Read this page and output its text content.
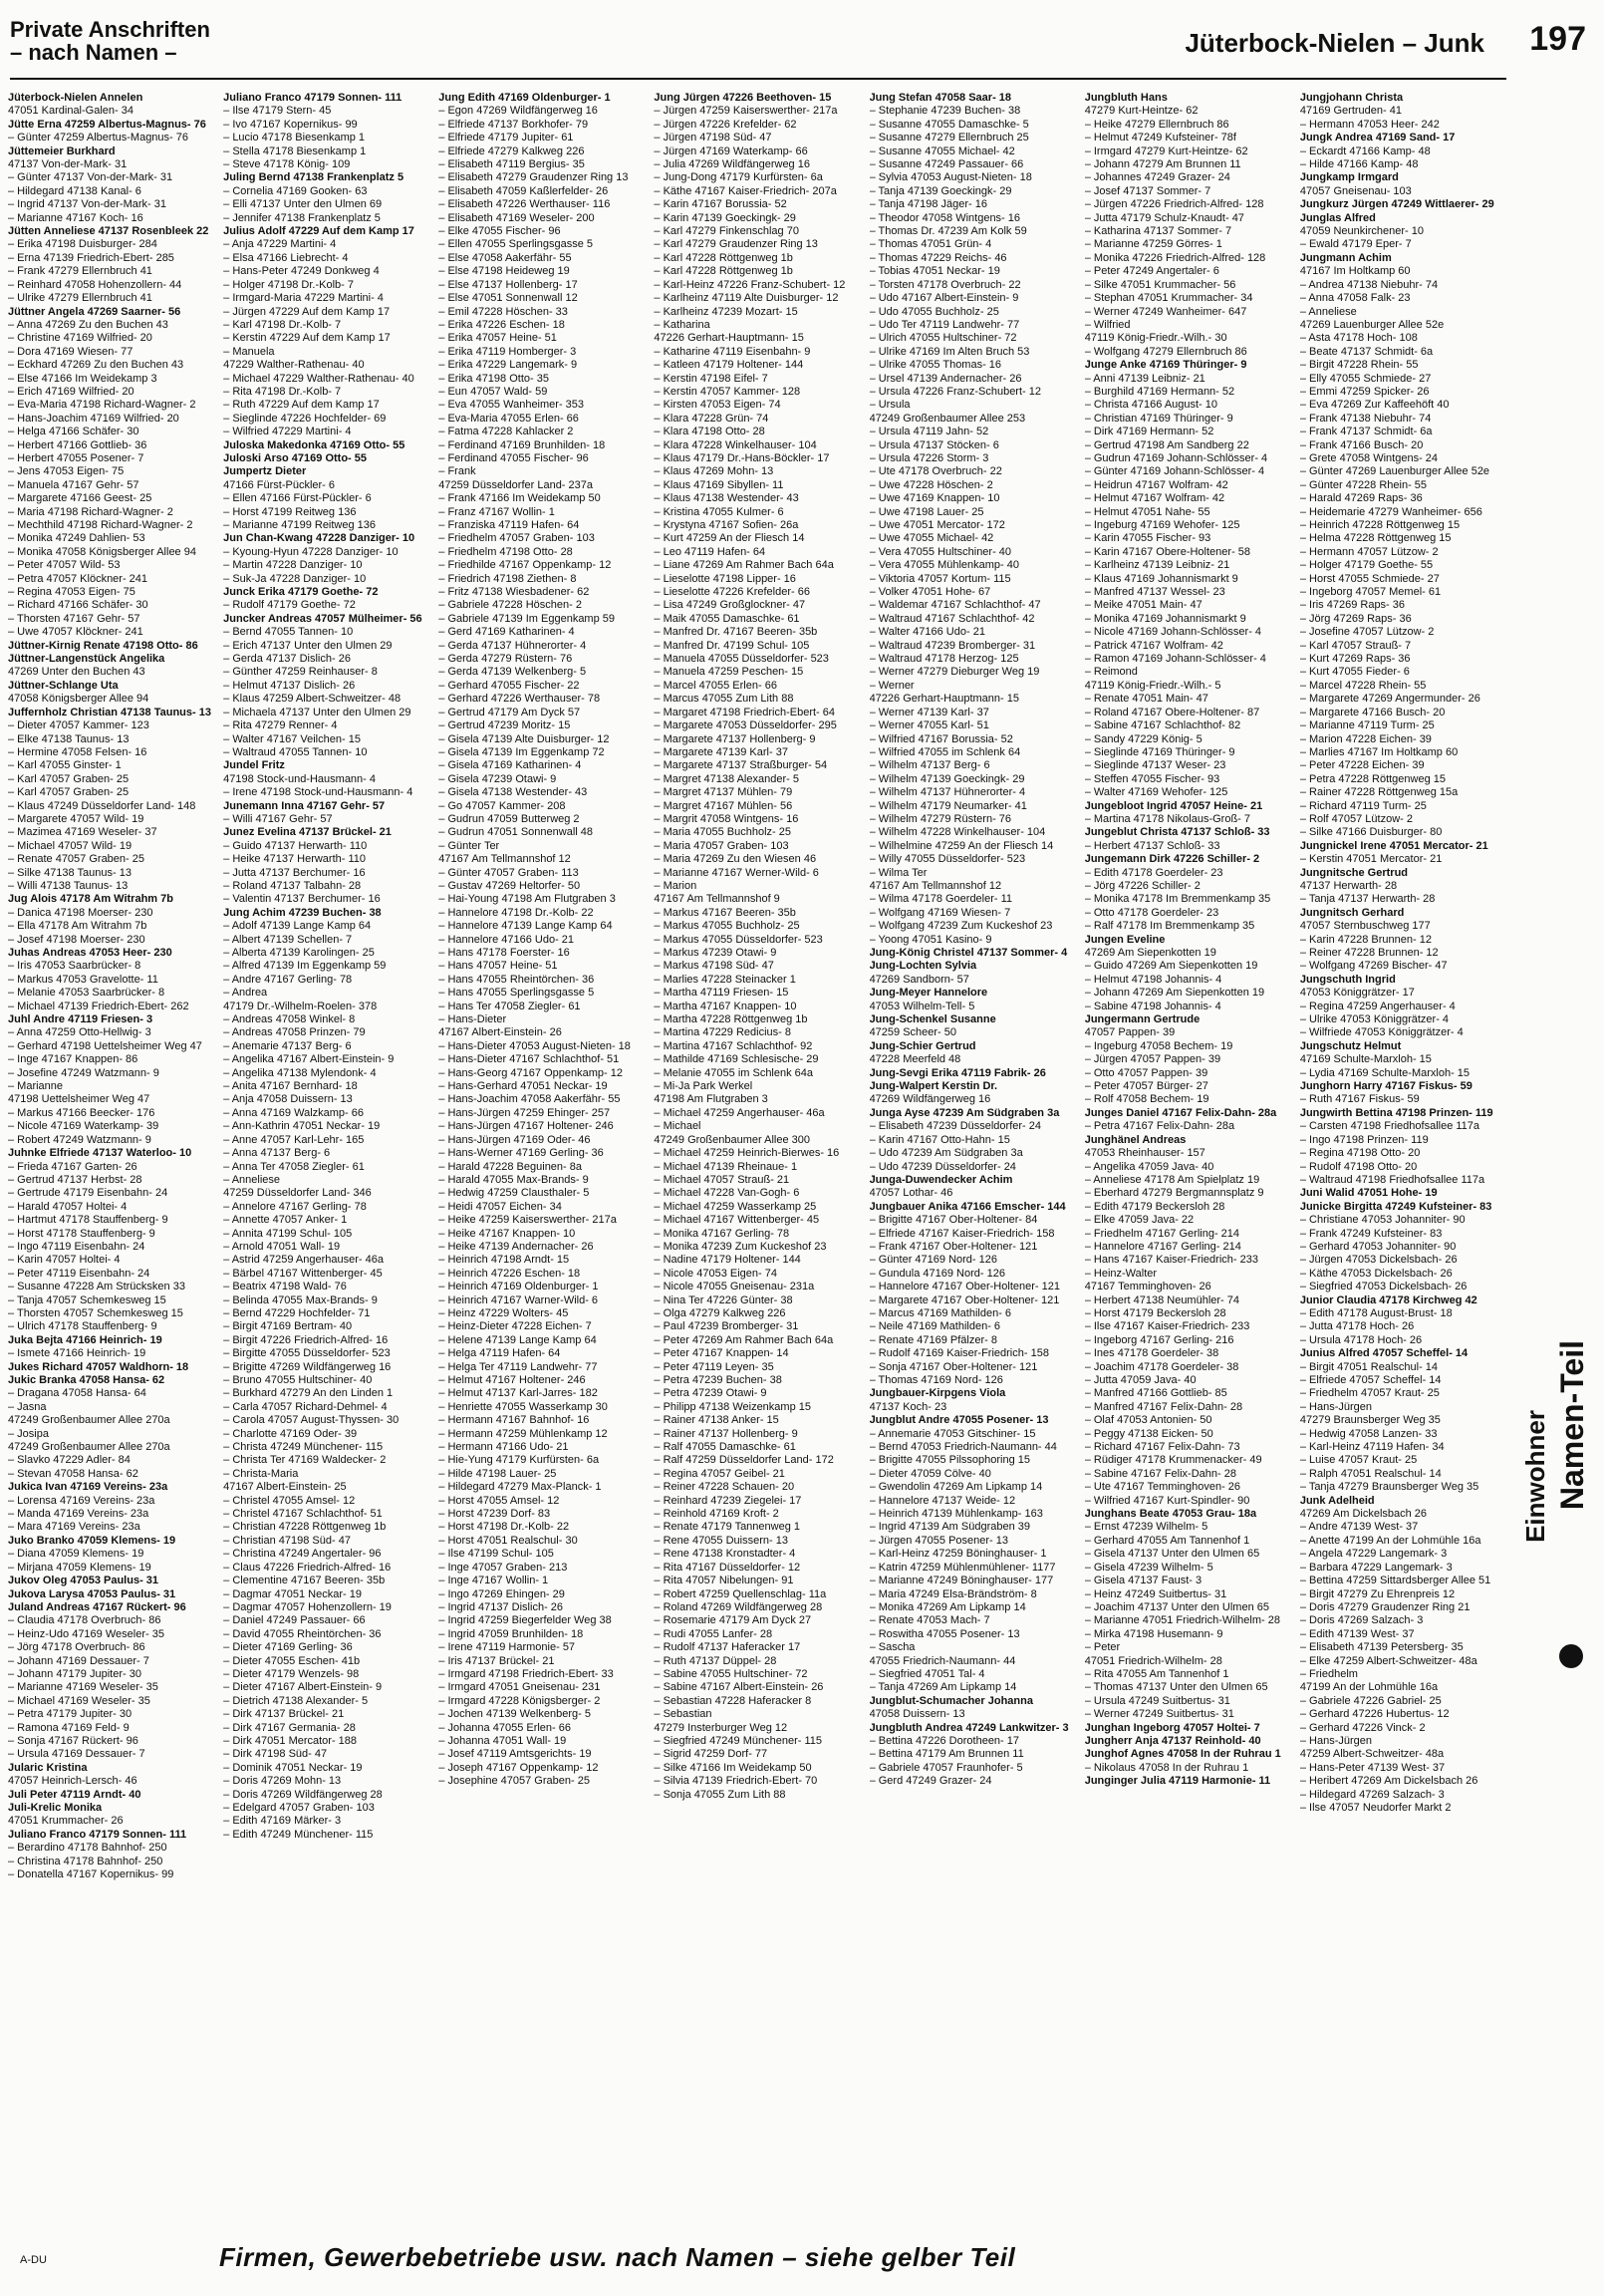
Private Anschriften
– nach Namen –	Jüterbock-Nielen – Junk 197
Jüterbock-Nielen Annelen
47051 Kardinal-Galen- 34
Jütte Erna 47259 Albertus-Magnus- 76
– Günter 47259 Albertus-Magnus- 76
Jüttemeier Burkhard
47137 Von-der-Mark- 31
– Günter 47137 Von-der-Mark- 31
– Hildegard 47138 Kanal- 6
– Ingrid 47137 Von-der-Mark- 31
– Marianne 47167 Koch- 16
Jütten Anneliese 47137 Rosenbleek 22
– Erika 47198 Duisburger- 284
– Erna 47139 Friedrich-Ebert- 285
– Frank 47279 Ellernbruch 41
– Reinhard 47058 Hohenzollern- 44
– Ulrike 47279 Ellernbruch 41
Jüttner Angela 47269 Saarner- 56
– Anna 47269 Zu den Buchen 43
– Christine 47169 Wilfried- 20
– Dora 47169 Wiesen- 77
– Eckhard 47269 Zu den Buchen 43
– Else 47166 Im Weidekamp 3
– Erich 47169 Wilfried- 20
– Eva-Maria 47198 Richard-Wagner- 2
– Hans-Joachim 47169 Wilfried- 20
– Helga 47166 Schäfer- 30
– Herbert 47166 Gottlieb- 36
– Herbert 47055 Posener- 7
– Jens 47053 Eigen- 75
– Manuela 47167 Gehr- 57
– Margarete 47166 Geest- 25
– Maria 47198 Richard-Wagner- 2
– Mechthild 47198 Richard-Wagner- 2
– Monika 47249 Dahlien- 53
– Monika 47058 Königsberger Allee 94
– Peter 47057 Wild- 53
– Petra 47057 Klöckner- 241
– Regina 47053 Eigen- 75
– Richard 47166 Schäfer- 30
– Thorsten 47167 Gehr- 57
– Uwe 47057 Klöckner- 241
Jüttner-Kirnig Renate 47198 Otto- 86
Jüttner-Langenstück Angelika
47269 Unter den Buchen 43
Jüttner-Schlange Uta
47058 Königsberger Allee 94
Juffernholz Christian 47138 Taunus- 13
– Dieter 47057 Kammer- 123
– Elke 47138 Taunus- 13
– Hermine 47058 Felsen- 16
– Karl 47055 Ginster- 1
– Karl 47057 Graben- 25
– Karl 47057 Graben- 25
– Klaus 47249 Düsseldorfer Land- 148
– Margarete 47057 Wild- 19
– Mazimea 47169 Weseler- 37
– Michael 47057 Wild- 19
– Renate 47057 Graben- 25
– Silke 47138 Taunus- 13
– Willi 47138 Taunus- 13
Jug Alois 47178 Am Witrahm 7b
– Danica 47198 Moerser- 230
– Ella 47178 Am Witrahm 7b
– Josef 47198 Moerser- 230
Juhas Andreas 47053 Heer- 230
– Iris 47053 Saarbrücker- 8
– Markus 47053 Gravelotte- 11
– Melanie 47053 Saarbrücker- 8
– Michael 47139 Friedrich-Ebert- 262
Juhl Andre 47119 Friesen- 3
– Anna 47259 Otto-Hellwig- 3
– Gerhard 47198 Uettelsheimer Weg 47
– Inge 47167 Knappen- 86
– Josefine 47249 Watzmann- 9
– Marianne
47198 Uettelsheimer Weg 47
– Markus 47166 Beecker- 176
– Nicole 47169 Waterkamp- 39
– Robert 47249 Watzmann- 9
Juhnke Elfriede 47137 Waterloo- 10
– Frieda 47167 Garten- 26
– Gertrud 47137 Herbst- 28
– Gertrude 47179 Eisenbahn- 24
– Harald 47057 Holtei- 4
– Hartmut 47178 Stauffenberg- 9
– Horst 47178 Stauffenberg- 9
– Ingo 47119 Eisenbahn- 24
– Karin 47057 Holtei- 4
– Peter 47119 Eisenbahn- 24
– Susanne 47228 Am Strücksken 33
– Tanja 47057 Schemkesweg 15
– Thorsten 47057 Schemkesweg 15
– Ulrich 47178 Stauffenberg- 9
Juka Bejta 47166 Heinrich- 19
– Ismete 47166 Heinrich- 19
Jukes Richard 47057 Waldhorn- 18
Jukic Branka 47058 Hansa- 62
– Dragana 47058 Hansa- 64
– Jasna
47249 Großenbaumer Allee 270a
– Josipa
47249 Großenbaumer Allee 270a
– Slavko 47229 Adler- 84
– Stevan 47058 Hansa- 62
Jukica Ivan 47169 Vereins- 23a
– Lorensa 47169 Vereins- 23a
– Manda 47169 Vereins- 23a
– Mara 47169 Vereins- 23a
Juko Branko 47059 Klemens- 19
– Diana 47059 Klemens- 19
– Mirjana 47059 Klemens- 19
Jukov Oleg 47053 Paulus- 31
Jukova Larysa 47053 Paulus- 31
Juland Andreas 47167 Rückert- 96
– Claudia 47178 Overbruch- 86
– Heinz-Udo 47169 Weseler- 35
– Jörg 47178 Overbruch- 86
– Johann 47169 Dessauer- 7
– Johann 47179 Jupiter- 30
– Marianne 47169 Weseler- 35
– Michael 47169 Weseler- 35
– Petra 47179 Jupiter- 30
– Ramona 47169 Feld- 9
– Sonja 47167 Rückert- 96
– Ursula 47169 Dessauer- 7
Jularic Kristina
47057 Heinrich-Lersch- 46
Juli Peter 47119 Arndt- 40
Juli-Krelic Monika
47051 Krummacher- 26
Juliano Franco 47179 Sonnen- 111
– Berardino 47178 Bahnhof- 250
– Christina 47178 Bahnhof- 250
– Donatella 47167 Kopernikus- 99
Juliano Franco 47179 Sonnen- 111
– Ilse 47179 Stern- 45
– Ivo 47167 Kopernikus- 99
– Lucio 47178 Biesenkamp 1
– Stella 47178 Biesenkamp 1
– Steve 47178 König- 109
Juling Bernd 47138 Frankenplatz 5
– Cornelia 47169 Gooken- 63
– Elli 47137 Unter den Ulmen 69
– Jennifer 47138 Frankenplatz 5
Julius Adolf 47229 Auf dem Kamp 17
– Anja 47229 Martini- 4
– Elsa 47166 Liebrecht- 4
– Hans-Peter 47249 Donkweg 4
– Holger 47198 Dr.-Kolb- 7
– Irmgard-Maria 47229 Martini- 4
– Jürgen 47229 Auf dem Kamp 17
– Karl 47198 Dr.-Kolb- 7
– Kerstin 47229 Auf dem Kamp 17
– Manuela
47229 Walther-Rathenau- 40
– Michael 47229 Walther-Rathenau- 40
– Rita 47198 Dr.-Kolb- 7
– Ruth 47229 Auf dem Kamp 17
– Sieglinde 47226 Hochfelder- 69
– Wilfried 47229 Martini- 4
Juloska Makedonka 47169 Otto- 55
Juloski Arso 47169 Otto- 55
Jumpertz Dieter
47166 Fürst-Pückler- 6
– Ellen 47166 Fürst-Pückler- 6
– Horst 47199 Reitweg 136
– Marianne 47199 Reitweg 136
Jun Chan-Kwang 47228 Danziger- 10
– Kyoung-Hyun 47228 Danziger- 10
– Martin 47228 Danziger- 10
– Suk-Ja 47228 Danziger- 10
Junck Erika 47179 Goethe- 72
– Rudolf 47179 Goethe- 72
Juncker Andreas 47057 Mülheimer- 56
– Bernd 47055 Tannen- 10
– Erich 47137 Unter den Ulmen 29
– Gerda 47137 Dislich- 26
– Günther 47259 Reinhauser- 8
– Helmut 47137 Dislich- 26
– Klaus 47259 Albert-Schweitzer- 48
– Michaela 47137 Unter den Ulmen 29
– Rita 47279 Renner- 4
– Walter 47167 Veilchen- 15
– Waltraud 47055 Tannen- 10
Jundel Fritz
47198 Stock-und-Hausmann- 4
– Irene 47198 Stock-und-Hausmann- 4
Junemann Inna 47167 Gehr- 57
– Willi 47167 Gehr- 57
Junez Evelina 47137 Brückel- 21
– Guido 47137 Herwarth- 110
– Heike 47137 Herwarth- 110
– Jutta 47137 Berchumer- 16
– Roland 47137 Talbahn- 28
– Valentin 47137 Berchumer- 16
Jung Achim 47239 Buchen- 38
– Adolf 47139 Lange Kamp 64
– Albert 47139 Schellen- 7
– Alberta 47139 Karolingen- 25
– Alfred 47139 Im Eggenkamp 59
– Andre 47167 Gerling- 78
– Andrea
47179 Dr.-Wilhelm-Roelen- 378
– Andreas 47058 Winkel- 8
– Andreas 47058 Prinzen- 79
– Anemarie 47137 Berg- 6
– Angelika 47167 Albert-Einstein- 9
– Angelika 47138 Mylendonk- 4
– Anita 47167 Bernhard- 18
– Anja 47058 Duissern- 13
– Anna 47169 Walzkamp- 66
– Ann-Kathrin 47051 Neckar- 19
– Anne 47057 Karl-Lehr- 165
– Anna 47137 Berg- 6
– Anna Ter 47058 Ziegler- 61
– Anneliese
47259 Düsseldorfer Land- 346
– Annelore 47167 Gerling- 78
– Annette 47057 Anker- 1
– Annita 47199 Schul- 105
– Arnold 47051 Wall- 19
– Astrid 47259 Angerhauser- 46a
– Bärbel 47167 Wittenberger- 45
– Beatrix 47198 Wald- 76
– Belinda 47055 Max-Brands- 9
– Bernd 47229 Hochfelder- 71
– Birgit 47169 Bertram- 40
– Birgit 47226 Friedrich-Alfred- 16
– Birgitte 47055 Düsseldorfer- 523
– Brigitte 47269 Wildfängerweg 16
– Bruno 47055 Hultschiner- 40
– Burkhard 47279 An den Linden 1
– Carla 47057 Richard-Dehmel- 4
– Carola 47057 August-Thyssen- 30
– Charlotte 47169 Oder- 39
– Christa 47249 Münchener- 115
– Christa Ter 47169 Waldecker- 2
– Christa-Maria
47167 Albert-Einstein- 25
– Christel 47055 Amsel- 12
– Christel 47167 Schlachthof- 51
– Christian 47228 Röttgenweg 1b
– Christian 47198 Süd- 47
– Christina 47249 Angertaler- 96
– Claus 47226 Friedrich-Alfred- 16
– Clementine 47167 Beeren- 35b
– Dagmar 47051 Neckar- 19
– Dagmar 47057 Hohenzollern- 19
– Daniel 47249 Passauer- 66
– David 47055 Rheintörchen- 36
– Dieter 47169 Gerling- 36
– Dieter 47055 Eschen- 41b
– Dieter 47179 Wenzels- 98
– Dieter 47167 Albert-Einstein- 9
– Dietrich 47138 Alexander- 5
– Dirk 47137 Brückel- 21
– Dirk 47167 Germania- 28
– Dirk 47051 Mercator- 188
– Dirk 47198 Süd- 47
– Dominik 47051 Neckar- 19
– Doris 47269 Mohn- 13
– Doris 47269 Wildfängerweg 28
– Edelgard 47057 Graben- 103
– Edith 47169 Märker- 3
– Edith 47249 Münchener- 115
Jung Edith 47169 Oldenburger- 1
– Egon 47269 Wildfängerweg 16
– Elfriede 47137 Borkhofer- 79
– Elfriede 47179 Jupiter- 61
– Elfriede 47279 Kalkweg 226
– Elisabeth 47119 Bergius- 35
– Elisabeth 47279 Graudenzer Ring 13
– Elisabeth 47059 Kaßlerfelder- 26
– Elisabeth 47226 Werthauser- 116
– Elisabeth 47169 Weseler- 200
– Elke 47055 Fischer- 96
– Ellen 47055 Sperlingsgasse 5
– Else 47058 Aakerfähr- 55
– Else 47198 Heideweg 19
– Else 47137 Hollenberg- 17
– Else 47051 Sonnenwall 12
– Emil 47228 Höschen- 33
– Erika 47226 Eschen- 18
– Erika 47057 Heine- 51
– Erika 47119 Homberger- 3
– Erika 47229 Langemark- 9
– Erika 47198 Otto- 35
– Eun 47057 Wald- 59
– Eva 47055 Wanheimer- 353
– Eva-Maria 47055 Erlen- 66
– Fatma 47228 Kahlacker 2
– Ferdinand 47169 Brunhilden- 18
– Ferdinand 47055 Fischer- 96
– Frank
47259 Düsseldorfer Land- 237a
– Frank 47166 Im Weidekamp 50
– Franz 47167 Wollin- 1
– Franziska 47119 Hafen- 64
– Friedhelm 47057 Graben- 103
– Friedhelm 47198 Otto- 28
– Friedhilde 47167 Oppenkamp- 12
– Friedrich 47198 Ziethen- 8
– Fritz 47138 Wiesbadener- 62
– Gabriele 47228 Höschen- 2
– Gabriele 47139 Im Eggenkamp 59
– Gerd 47169 Katharinen- 4
– Gerda 47137 Hühnerorter- 4
– Gerda 47279 Rüstern- 76
– Gerda 47139 Welkenberg- 5
– Gerhard 47055 Fischer- 22
– Gerhard 47226 Werthauser- 78
– Gertrud 47179 Am Dyck 57
– Gertrud 47239 Moritz- 15
– Gisela 47139 Alte Duisburger- 12
– Gisela 47139 Im Eggenkamp 72
– Gisela 47169 Katharinen- 4
– Gisela 47239 Otawi- 9
– Gisela 47138 Westender- 43
– Go 47057 Kammer- 208
– Gudrun 47059 Butterweg 2
– Gudrun 47051 Sonnenwall 48
– Günter Ter
47167 Am Tellmannshof 12
– Günter 47057 Graben- 113
– Gustav 47269 Heltorfer- 50
– Hai-Young 47198 Am Flutgraben 3
– Hannelore 47198 Dr.-Kolb- 22
– Hannelore 47139 Lange Kamp 64
– Hannelore 47166 Udo- 21
– Hans 47178 Foerster- 16
– Hans 47057 Heine- 51
– Hans 47055 Rheintörchen- 36
– Hans 47055 Sperlingsgasse 5
– Hans Ter 47058 Ziegler- 61
– Hans-Dieter
47167 Albert-Einstein- 26
– Hans-Dieter 47053 August-Nieten- 18
– Hans-Dieter 47167 Schlachthof- 51
– Hans-Georg 47167 Oppenkamp- 12
– Hans-Gerhard 47051 Neckar- 19
– Hans-Joachim 47058 Aakerfähr- 55
– Hans-Jürgen 47259 Ehinger- 257
– Hans-Jürgen 47167 Holtener- 246
– Hans-Jürgen 47169 Oder- 46
– Hans-Werner 47169 Gerling- 36
– Harald 47228 Beguinen- 8a
– Harald 47055 Max-Brands- 9
– Hedwig 47259 Clausthaler- 5
– Heidi 47057 Eichen- 34
– Heike 47259 Kaiserswerther- 217a
– Heike 47167 Knappen- 10
– Heike 47139 Andernacher- 26
– Heinrich 47198 Arndt- 15
– Heinrich 47226 Eschen- 18
– Heinrich 47169 Oldenburger- 1
– Heinrich 47167 Warner-Wild- 6
– Heinz 47229 Wolters- 45
– Heinz-Dieter 47228 Eichen- 7
– Helene 47139 Lange Kamp 64
– Helga 47119 Hafen- 64
– Helga Ter 47119 Landwehr- 77
– Helmut 47167 Holtener- 246
– Helmut 47137 Karl-Jarres- 182
– Henriette 47055 Wasserkamp 30
– Hermann 47167 Bahnhof- 16
– Hermann 47259 Mühlenkamp 12
– Hermann 47166 Udo- 21
– Hie-Yung 47179 Kurfürsten- 6a
– Hilde 47198 Lauer- 25
– Hildegard 47279 Max-Planck- 1
– Horst 47055 Amsel- 12
– Horst 47239 Dorf- 83
– Horst 47198 Dr.-Kolb- 22
– Horst 47051 Realschul- 30
– Ilse 47199 Schul- 105
– Inge 47057 Graben- 213
– Inge 47167 Wollin- 1
– Ingo 47269 Ehingen- 29
– Ingrid 47137 Dislich- 26
– Ingrid 47259 Biegerfelder Weg 38
– Ingrid 47059 Brunhilden- 18
– Irene 47119 Harmonie- 57
– Iris 47137 Brückel- 21
– Irmgard 47198 Friedrich-Ebert- 33
– Irmgard 47051 Gneisenau- 231
– Irmgard 47228 Königsberger- 2
– Jochen 47139 Welkenberg- 5
– Johanna 47055 Erlen- 66
– Johanna 47051 Wall- 19
– Josef 47119 Amtsgerichts- 19
– Joseph 47167 Oppenkamp- 12
– Josephine 47057 Graben- 25
Jung Jürgen 47226 Beethoven- 15
– Jürgen 47259 Kaiserswerther- 217a
– Jürgen 47226 Krefelder- 62
– Jürgen 47198 Süd- 47
– Jürgen 47169 Waterkamp- 66
– Julia 47269 Wildfängerweg 16
– Jung-Dong 47179 Kurfürsten- 6a
– Käthe 47167 Kaiser-Friedrich- 207a
– Karin 47167 Borussia- 52
– Karin 47139 Goeckingk- 29
– Karl 47279 Finkenschlag 70
– Karl 47279 Graudenzer Ring 13
– Karl 47228 Röttgenweg 1b
– Karl 47228 Röttgenweg 1b
– Karl-Heinz 47226 Franz-Schubert- 12
– Karlheinz 47119 Alte Duisburger- 12
– Karlheinz 47239 Mozart- 15
– Katharina
47226 Gerhart-Hauptmann- 15
– Katharine 47119 Eisenbahn- 9
– Katleen 47179 Holtener- 144
– Kerstin 47198 Eifel- 7
– Kerstin 47057 Kammer- 128
– Kirsten 47053 Eigen- 74
– Klara 47228 Grün- 74
– Klara 47198 Otto- 28
– Klara 47228 Winkelhauser- 104
– Klaus 47179 Dr.-Hans-Böckler- 17
– Klaus 47269 Mohn- 13
– Klaus 47169 Sibyllen- 11
– Klaus 47138 Westender- 43
– Kristina 47055 Kulmer- 6
– Krystyna 47167 Sofien- 26a
– Kurt 47259 An der Fliesch 14
– Leo 47119 Hafen- 64
– Liane 47269 Am Rahmer Bach 64a
– Lieselotte 47198 Lipper- 16
– Lieselotte 47226 Krefelder- 66
– Lisa 47249 Großglockner- 47
– Maik 47055 Damaschke- 61
– Manfred Dr. 47167 Beeren- 35b
– Manfred Dr. 47199 Schul- 105
– Manuela 47055 Düsseldorfer- 523
– Manuela 47259 Peschen- 15
– Marcel 47055 Erlen- 66
– Marcus 47055 Zum Lith 88
– Margaret 47198 Friedrich-Ebert- 64
– Margarete 47053 Düsseldorfer- 295
– Margarete 47137 Hollenberg- 9
– Margarete 47139 Karl- 37
– Margarete 47137 Straßburger- 54
– Margret 47138 Alexander- 5
– Margret 47137 Mühlen- 79
– Margret 47167 Mühlen- 56
– Margrit 47058 Wintgens- 16
– Maria 47055 Buchholz- 25
– Maria 47057 Graben- 103
– Maria 47269 Zu den Wiesen 46
– Marianne 47167 Werner-Wild- 6
– Marion
47167 Am Tellmannshof 9
– Markus 47167 Beeren- 35b
– Markus 47055 Buchholz- 25
– Markus 47055 Düsseldorfer- 523
– Markus 47239 Otawi- 9
– Markus 47198 Süd- 47
– Marlies 47228 Steinacker 1
– Martha 47119 Friesen- 15
– Martha 47167 Knappen- 10
– Martha 47228 Röttgenweg 1b
– Martina 47229 Redicius- 8
– Martina 47167 Schlachthof- 92
– Mathilde 47169 Schlesische- 29
– Melanie 47055 im Schlenk 64a
– Mi-Ja Park Werkel
47198 Am Flutgraben 3
– Michael 47259 Angerhauser- 46a
– Michael
47249 Großenbaumer Allee 300
– Michael 47259 Heinrich-Bierwes- 16
– Michael 47139 Rheinaue- 1
– Michael 47057 Strauß- 21
– Michael 47228 Van-Gogh- 6
– Michael 47259 Wasserkamp 25
– Michael 47167 Wittenberger- 45
– Monika 47167 Gerling- 78
– Monika 47239 Zum Kuckeshof 23
– Nadine 47179 Holtener- 144
– Nicole 47053 Eigen- 74
– Nicole 47055 Gneisenau- 231a
– Nina Ter 47226 Günter- 38
– Olga 47279 Kalkweg 226
– Paul 47239 Bromberger- 31
– Peter 47269 Am Rahmer Bach 64a
– Peter 47167 Knappen- 14
– Peter 47119 Leyen- 35
– Petra 47239 Buchen- 38
– Petra 47239 Otawi- 9
– Philipp 47138 Weizenkamp 15
– Rainer 47138 Anker- 15
– Rainer 47137 Hollenberg- 9
– Ralf 47055 Damaschke- 61
– Ralf 47259 Düsseldorfer Land- 172
– Regina 47057 Geibel- 21
– Reiner 47228 Schauen- 20
– Reinhard 47239 Ziegelei- 17
– Reinhold 47169 Kroft- 2
– Renate 47179 Tannenweg 1
– Rene 47055 Duissern- 13
– Rene 47138 Kronstadter- 4
– Rita 47167 Düsseldorfer- 12
– Rita 47057 Nibelungen- 91
– Robert 47259 Quellenschlag- 11a
– Roland 47269 Wildfängerweg 28
– Rosemarie 47179 Am Dyck 27
– Rudi 47055 Lanfer- 28
– Rudolf 47137 Haferacker 17
– Ruth 47137 Düppel- 28
– Sabine 47055 Hultschiner- 72
– Sabine 47167 Albert-Einstein- 26
– Sebastian 47228 Haferacker 8
– Sebastian
47279 Insterburger Weg 12
– Siegfried 47249 Münchener- 115
– Sigrid 47259 Dorf- 77
– Silke 47166 Im Weidekamp 50
– Silvia 47139 Friedrich-Ebert- 70
– Sonja 47055 Zum Lith 88
Jung Stefan 47058 Saar- 18
– Stephanie 47239 Buchen- 38
– Susanne 47055 Damaschke- 5
– Susanne 47279 Ellernbruch 25
– Susanne 47055 Michael- 42
– Susanne 47249 Passauer- 66
– Sylvia 47053 August-Nieten- 18
– Tanja 47139 Goeckingk- 29
– Tanja 47198 Jäger- 16
– Theodor 47058 Wintgens- 16
– Thomas Dr. 47239 Am Kolk 59
– Thomas 47051 Grün- 4
– Thomas 47229 Reichs- 46
– Tobias 47051 Neckar- 19
– Torsten 47178 Overbruch- 22
– Udo 47167 Albert-Einstein- 9
– Udo 47055 Buchholz- 25
– Udo Ter 47119 Landwehr- 77
– Ulrich 47055 Hultschiner- 72
– Ulrike 47169 Im Alten Bruch 53
– Ulrike 47055 Thomas- 16
– Ursel 47139 Andernacher- 26
– Ursula 47226 Franz-Schubert- 12
– Ursula
47249 Großenbaumer Allee 253
– Ursula 47119 Jahn- 52
– Ursula 47137 Stöcken- 6
– Ursula 47226 Storm- 3
– Ute 47178 Overbruch- 22
– Uwe 47228 Höschen- 2
– Uwe 47169 Knappen- 10
– Uwe 47198 Lauer- 25
– Uwe 47051 Mercator- 172
– Uwe 47055 Michael- 42
– Vera 47055 Hultschiner- 40
– Vera 47055 Mühlenkamp- 40
– Viktoria 47057 Kortum- 115
– Volker 47051 Hohe- 67
– Waldemar 47167 Schlachthof- 47
– Waltraud 47167 Schlachthof- 42
– Walter 47166 Udo- 21
– Waltraud 47239 Bromberger- 31
– Waltraud 47178 Herzog- 125
– Werner 47279 Dieburger Weg 19
– Werner
47226 Gerhart-Hauptmann- 15
– Werner 47139 Karl- 37
– Werner 47055 Karl- 51
– Wilfried 47167 Borussia- 52
– Wilfried 47055 im Schlenk 64
– Wilhelm 47137 Berg- 6
– Wilhelm 47139 Goeckingk- 29
– Wilhelm 47137 Hühnerorter- 4
– Wilhelm 47179 Neumarker- 41
– Wilhelm 47279 Rüstern- 76
– Wilhelm 47228 Winkelhauser- 104
– Wilhelmine 47259 An der Fliesch 14
– Willy 47055 Düsseldorfer- 523
– Wilma Ter
47167 Am Tellmannshof 12
– Wilma 47178 Goerdeler- 11
– Wolfgang 47169 Wiesen- 7
– Wolfgang 47239 Zum Kuckeshof 23
– Yoong 47051 Kasino- 9
Jung-König Christel 47137 Sommer- 4
Jung-Lochten Sylvia
47269 Sandborn- 57
Jung-Meyer Hannelore
47053 Wilhelm-Tell- 5
Jung-Schenkel Susanne
47259 Scheer- 50
Jung-Schier Gertrud
47228 Meerfeld 48
Jung-Sevgi Erika 47119 Fabrik- 26
Jung-Walpert Kerstin Dr.
47269 Wildfängerweg 16
Junga Ayse 47239 Am Südgraben 3a
– Elisabeth 47239 Düsseldorfer- 24
– Karin 47167 Otto-Hahn- 15
– Udo 47239 Am Südgraben 3a
– Udo 47239 Düsseldorfer- 24
Junga-Duwendecker Achim
47057 Lothar- 46
Jungbauer Anika 47166 Emscher- 144
– Brigitte 47167 Ober-Holtener- 84
– Elfriede 47167 Kaiser-Friedrich- 158
– Frank 47167 Ober-Holtener- 121
– Günter 47169 Nord- 126
– Gundula 47169 Nord- 126
– Hannelore 47167 Ober-Holtener- 121
– Margarete 47167 Ober-Holtener- 121
– Marcus 47169 Mathilden- 6
– Neile 47169 Mathilden- 6
– Renate 47169 Pfälzer- 8
– Rudolf 47169 Kaiser-Friedrich- 158
– Sonja 47167 Ober-Holtener- 121
– Thomas 47169 Nord- 126
Jungbauer-Kirpgens Viola
47137 Koch- 23
Jungblut Andre 47055 Posener- 13
– Annemarie 47053 Gitschiner- 15
– Bernd 47053 Friedrich-Naumann- 44
– Brigitte 47055 Pilssophoring 15
– Dieter 47059 Cölve- 40
– Gwendolin 47269 Am Lipkamp 14
– Hannelore 47137 Weide- 12
– Heinrich 47139 Mühlenkamp- 163
– Ingrid 47139 Am Südgraben 39
– Jürgen 47055 Posener- 13
– Karl-Heinz 47259 Böninghauser- 1
– Katrin 47259 Mühlenmühlener- 1177
– Marianne 47249 Böninghauser- 177
– Maria 47249 Elsa-Brändström- 8
– Monika 47269 Am Lipkamp 14
– Renate 47053 Mach- 7
– Roswitha 47055 Posener- 13
– Sascha
47055 Friedrich-Naumann- 44
– Siegfried 47051 Tal- 4
– Tanja 47269 Am Lipkamp 14
Jungblut-Schumacher Johanna
47058 Duissern- 13
Jungbluth Andrea 47249 Lankwitzer- 3
– Bettina 47226 Dorotheen- 17
– Bettina 47179 Am Brunnen 11
– Gabriele 47057 Fraunhofer- 5
– Gerd 47249 Grazer- 24
Jungbluth Hans
47279 Kurt-Heintze- 62
– Heike 47279 Ellernbruch 86
– Helmut 47249 Kufsteiner- 78f
– Irmgard 47279 Kurt-Heintze- 62
– Johann 47279 Am Brunnen 11
– Johannes 47249 Grazer- 24
– Josef 47137 Sommer- 7
– Jürgen 47226 Friedrich-Alfred- 128
– Jutta 47179 Schulz-Knaudt- 47
– Katharina 47137 Sommer- 7
– Marianne 47259 Görres- 1
– Monika 47226 Friedrich-Alfred- 128
– Peter 47249 Angertaler- 6
– Silke 47051 Krummacher- 56
– Stephan 47051 Krummacher- 34
– Werner 47249 Wanheimer- 647
– Wilfried
47119 König-Friedr.-Wilh.- 30
– Wolfgang 47279 Ellernbruch 86
Junge Anke 47169 Thüringer- 9
– Anni 47139 Leibniz- 21
– Burghild 47169 Hermann- 52
– Christa 47166 August- 10
– Christian 47169 Thüringer- 9
– Dirk 47169 Hermann- 52
– Gertrud 47198 Am Sandberg 22
– Gudrun 47169 Johann-Schlösser- 4
– Günter 47169 Johann-Schlösser- 4
– Heidrun 47167 Wolfram- 42
– Helmut 47167 Wolfram- 42
– Helmut 47051 Nahe- 55
– Ingeburg 47169 Wehofer- 125
– Karin 47055 Fischer- 93
– Karin 47167 Obere-Holtener- 58
– Karlheinz 47139 Leibniz- 21
– Klaus 47169 Johannismarkt 9
– Manfred 47137 Wessel- 23
– Meike 47051 Main- 47
– Monika 47169 Johannismarkt 9
– Nicole 47169 Johann-Schlösser- 4
– Patrick 47167 Wolfram- 42
– Ramon 47169 Johann-Schlösser- 4
– Reimond
47119 König-Friedr.-Wilh.- 5
– Renate 47051 Main- 47
– Roland 47167 Obere-Holtener- 87
– Sabine 47167 Schlachthof- 82
– Sandy 47229 König- 5
– Sieglinde 47169 Thüringer- 9
– Sieglinde 47137 Weser- 23
– Steffen 47055 Fischer- 93
– Walter 47169 Wehofer- 125
Jungebloot Ingrid 47057 Heine- 21
– Martina 47178 Nikolaus-Groß- 7
Jungeblut Christa 47137 Schloß- 33
– Herbert 47137 Schloß- 33
Jungemann Dirk 47226 Schiller- 2
– Edith 47178 Goerdeler- 23
– Jörg 47226 Schiller- 2
– Monika 47178 Im Bremmenkamp 35
– Otto 47178 Goerdeler- 23
– Ralf 47178 Im Bremmenkamp 35
Jungen Eveline
47269 Am Siepenkotten 19
– Guido 47269 Am Siepenkotten 19
– Helmut 47198 Johannis- 4
– Johann 47269 Am Siepenkotten 19
– Sabine 47198 Johannis- 4
Jungermann Gertrude
47057 Pappen- 39
– Ingeburg 47058 Bechem- 19
– Jürgen 47057 Pappen- 39
– Otto 47057 Pappen- 39
– Peter 47057 Bürger- 27
– Rolf 47058 Bechem- 19
Junges Daniel 47167 Felix-Dahn- 28a
– Petra 47167 Felix-Dahn- 28a
Junghänel Andreas
47053 Rheinhauser- 157
– Angelika 47059 Java- 40
– Anneliese 47178 Am Spielplatz 19
– Eberhard 47279 Bergmannsplatz 9
– Edith 47179 Beckersloh 28
– Elke 47059 Java- 22
– Friedhelm 47167 Gerling- 214
– Hannelore 47167 Gerling- 214
– Hans 47167 Kaiser-Friedrich- 233
– Heinz-Walter
47167 Temminghoven- 26
– Herbert 47138 Neumühler- 74
– Horst 47179 Beckersloh 28
– Ilse 47167 Kaiser-Friedrich- 233
– Ingeborg 47167 Gerling- 216
– Ines 47178 Goerdeler- 38
– Joachim 47178 Goerdeler- 38
– Jutta 47059 Java- 40
– Manfred 47166 Gottlieb- 85
– Manfred 47167 Felix-Dahn- 28
– Olaf 47053 Antonien- 50
– Peggy 47138 Eicken- 50
– Richard 47167 Felix-Dahn- 73
– Rüdiger 47178 Krummenacker- 49
– Sabine 47167 Felix-Dahn- 28
– Ute 47167 Temminghoven- 26
– Wilfried 47167 Kurt-Spindler- 90
Junghans Beate 47053 Grau- 18a
– Ernst 47239 Wilhelm- 5
– Gerhard 47055 Am Tannenhof 1
– Gisela 47137 Unter den Ulmen 65
– Gisela 47239 Wilhelm- 5
– Gisela 47137 Faust- 3
– Heinz 47249 Suitbertus- 31
– Joachim 47137 Unter den Ulmen 65
– Marianne 47051 Friedrich-Wilhelm- 28
– Mirka 47198 Husemann- 9
– Peter
47051 Friedrich-Wilhelm- 28
– Rita 47055 Am Tannenhof 1
– Thomas 47137 Unter den Ulmen 65
– Ursula 47249 Suitbertus- 31
– Werner 47249 Suitbertus- 31
Junghan Ingeborg 47057 Holtei- 7
Jungherr Anja 47137 Reinhold- 40
Junghof Agnes 47058 In der Ruhrau 1
– Nikolaus 47058 In der Ruhrau 1
Junginger Julia 47119 Harmonie- 11
Jungjohann Christa
47169 Gertruden- 41
– Hermann 47053 Heer- 242
Jungk Andrea 47169 Sand- 17
– Eckardt 47166 Kamp- 48
– Hilde 47166 Kamp- 48
Jungkamp Irmgard
47057 Gneisenau- 103
Jungkurz Jürgen 47249 Wittlaerer- 29
Junglas Alfred
47059 Neunkirchener- 10
– Ewald 47179 Eper- 7
Jungmann Achim
47167 Im Holtkamp 60
– Andrea 47138 Niebuhr- 74
– Anna 47058 Falk- 23
– Anneliese
47269 Lauenburger Allee 52e
– Asta 47178 Hoch- 108
– Beate 47137 Schmidt- 6a
– Birgit 47228 Rhein- 55
– Elly 47055 Schmiede- 27
– Emmi 47259 Spicker- 26
– Eva 47269 Zur Kaffeehöft 40
– Frank 47138 Niebuhr- 74
– Frank 47137 Schmidt- 6a
– Frank 47166 Busch- 20
– Grete 47058 Wintgens- 24
– Günter 47269 Lauenburger Allee 52e
– Günter 47228 Rhein- 55
– Harald 47269 Raps- 36
– Heidemarie 47279 Wanheimer- 656
– Heinrich 47228 Röttgenweg 15
– Helma 47228 Röttgenweg 15
– Hermann 47057 Lützow- 2
– Holger 47179 Goethe- 55
– Horst 47055 Schmiede- 27
– Ingeborg 47057 Memel- 61
– Iris 47269 Raps- 36
– Jörg 47269 Raps- 36
– Josefine 47057 Lützow- 2
– Karl 47057 Strauß- 7
– Kurt 47269 Raps- 36
– Kurt 47055 Fieder- 6
– Marcel 47228 Rhein- 55
– Margarete 47269 Angermunder- 26
– Margarete 47166 Busch- 20
– Marianne 47119 Turm- 25
– Marion 47228 Eichen- 39
– Marlies 47167 Im Holtkamp 60
– Peter 47228 Eichen- 39
– Petra 47228 Röttgenweg 15
– Rainer 47228 Röttgenweg 15a
– Richard 47119 Turm- 25
– Rolf 47057 Lützow- 2
– Silke 47166 Duisburger- 80
Jungnickel Irene 47051 Mercator- 21
– Kerstin 47051 Mercator- 21
Jungnitsche Gertrud
47137 Herwarth- 28
– Tanja 47137 Herwarth- 28
Jungnitsch Gerhard
47057 Sternbuschweg 177
– Karin 47228 Brunnen- 12
– Reiner 47228 Brunnen- 12
– Wolfgang 47269 Bischer- 47
Jungschuth Ingrid
47053 Königgrätzer- 17
– Regina 47259 Angerhauser- 4
– Ulrike 47053 Königgrätzer- 4
– Wilfriede 47053 Königgrätzer- 4
Jungschutz Helmut
47169 Schulte-Marxloh- 15
– Lydia 47169 Schulte-Marxloh- 15
Junghorn Harry 47167 Fiskus- 59
– Ruth 47167 Fiskus- 59
Jungwirth Bettina 47198 Prinzen- 119
– Carsten 47198 Friedhofsallee 117a
– Ingo 47198 Prinzen- 119
– Regina 47198 Otto- 20
– Rudolf 47198 Otto- 20
– Waltraud 47198 Friedhofsallee 117a
Juni Walid 47051 Hohe- 19
Junicke Birgitta 47249 Kufsteiner- 83
– Christiane 47053 Johanniter- 90
– Frank 47249 Kufsteiner- 83
– Gerhard 47053 Johanniter- 90
– Jürgen 47053 Dickelsbach- 26
– Käthe 47053 Dickelsbach- 26
– Siegfried 47053 Dickelsbach- 26
Junior Claudia 47178 Kirchweg 42
– Edith 47178 August-Brust- 18
– Jutta 47178 Hoch- 26
– Ursula 47178 Hoch- 26
Junius Alfred 47057 Scheffel- 14
– Birgit 47051 Realschul- 14
– Elfriede 47057 Scheffel- 14
– Friedhelm 47057 Kraut- 25
– Hans-Jürgen
47279 Braunsberger Weg 35
– Hedwig 47058 Lanzen- 33
– Karl-Heinz 47119 Hafen- 34
– Luise 47057 Kraut- 25
– Ralph 47051 Realschul- 14
– Tanja 47279 Braunsberger Weg 35
Junk Adelheid
47269 Am Dickelsbach 26
– Andre 47139 West- 37
– Anette 47199 An der Lohmühle 16a
– Angela 47229 Langemark- 3
– Barbara 47229 Langemark- 3
– Bettina 47259 Sittardsberger Allee 51
– Birgit 47279 Zu Ehrenpreis 12
– Doris 47279 Graudenzer Ring 21
– Doris 47269 Salzach- 3
– Edith 47139 West- 37
– Elisabeth 47139 Petersberg- 35
– Elke 47259 Albert-Schweitzer- 48a
– Friedhelm
47199 An der Lohmühle 16a
– Gabriele 47226 Gabriel- 25
– Gerhard 47226 Hubertus- 12
– Gerhard 47226 Vinck- 2
– Hans-Jürgen
47259 Albert-Schweitzer- 48a
– Hans-Peter 47139 West- 37
– Heribert 47269 Am Dickelsbach 26
– Hildegard 47269 Salzach- 3
– Ilse 47057 Neudorfer Markt 2
Einwohner Namen-Teil
A-DU	Firmen, Gewerbebetriebe usw. nach Namen – siehe gelber Teil
